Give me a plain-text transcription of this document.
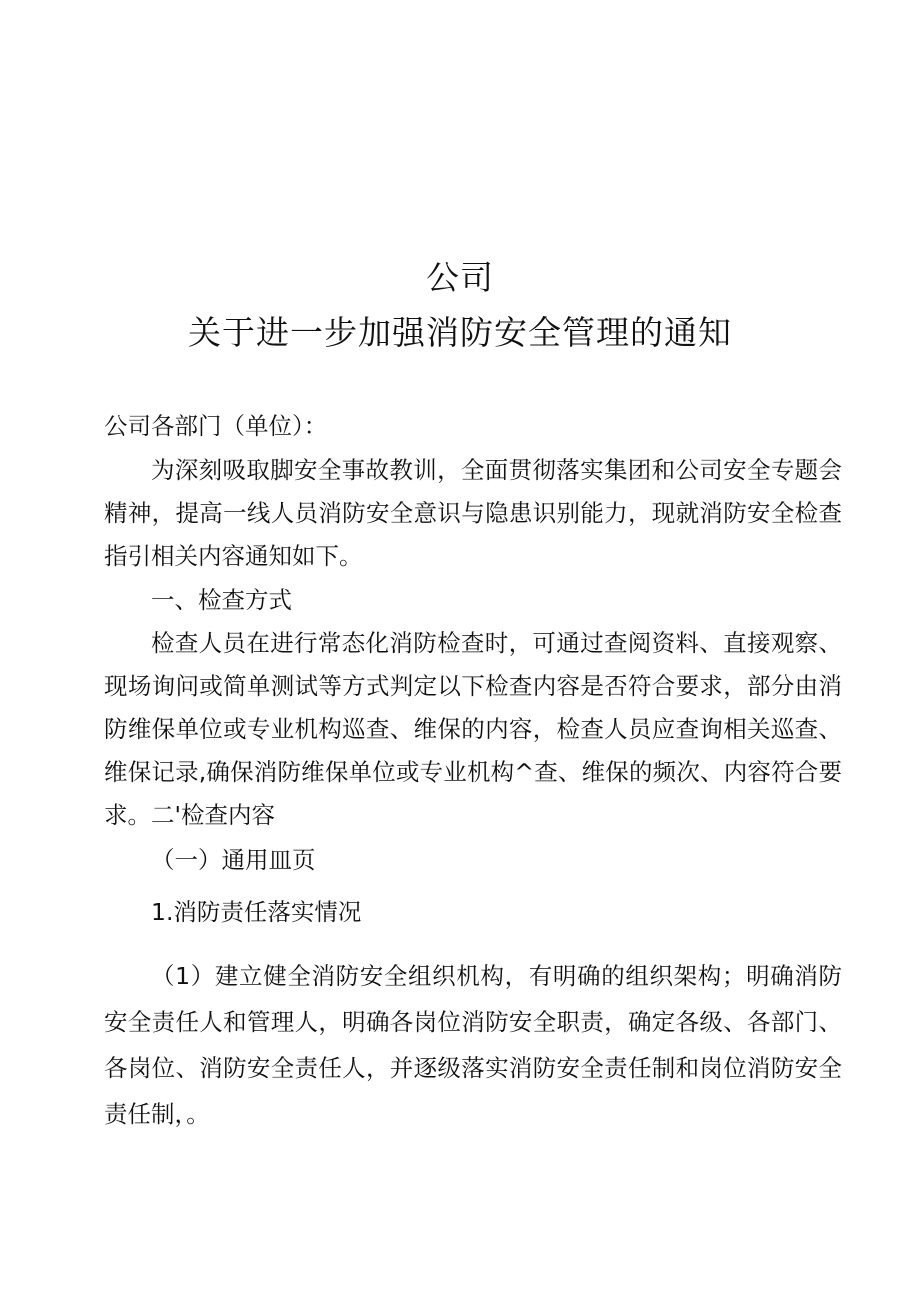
公司
关于进一步加强消防安全管理的通知
公司各部门（单位）：
为深刻吸取脚安全事故教训，全面贯彻落实集团和公司安全专题会精神，提高一线人员消防安全意识与隐患识别能力，现就消防安全检查指引相关内容通知如下。
一、检查方式
检查人员在进行常态化消防检查时，可通过查阅资料、直接观察、现场询问或简单测试等方式判定以下检查内容是否符合要求，部分由消防维保单位或专业机构巡查、维保的内容，检查人员应查询相关巡查、维保记录,确保消防维保单位或专业机构^查、维保的频次、内容符合要求。 二'检查内容
（一）通用皿页
1.消防责任落实情况
（1）建立健全消防安全组织机构，有明确的组织架构；明确消防安全责任人和管理人，明确各岗位消防安全职责，确定各级、各部门、各岗位、消防安全责任人，并逐级落实消防安全责任制和岗位消防安全责任制，。
